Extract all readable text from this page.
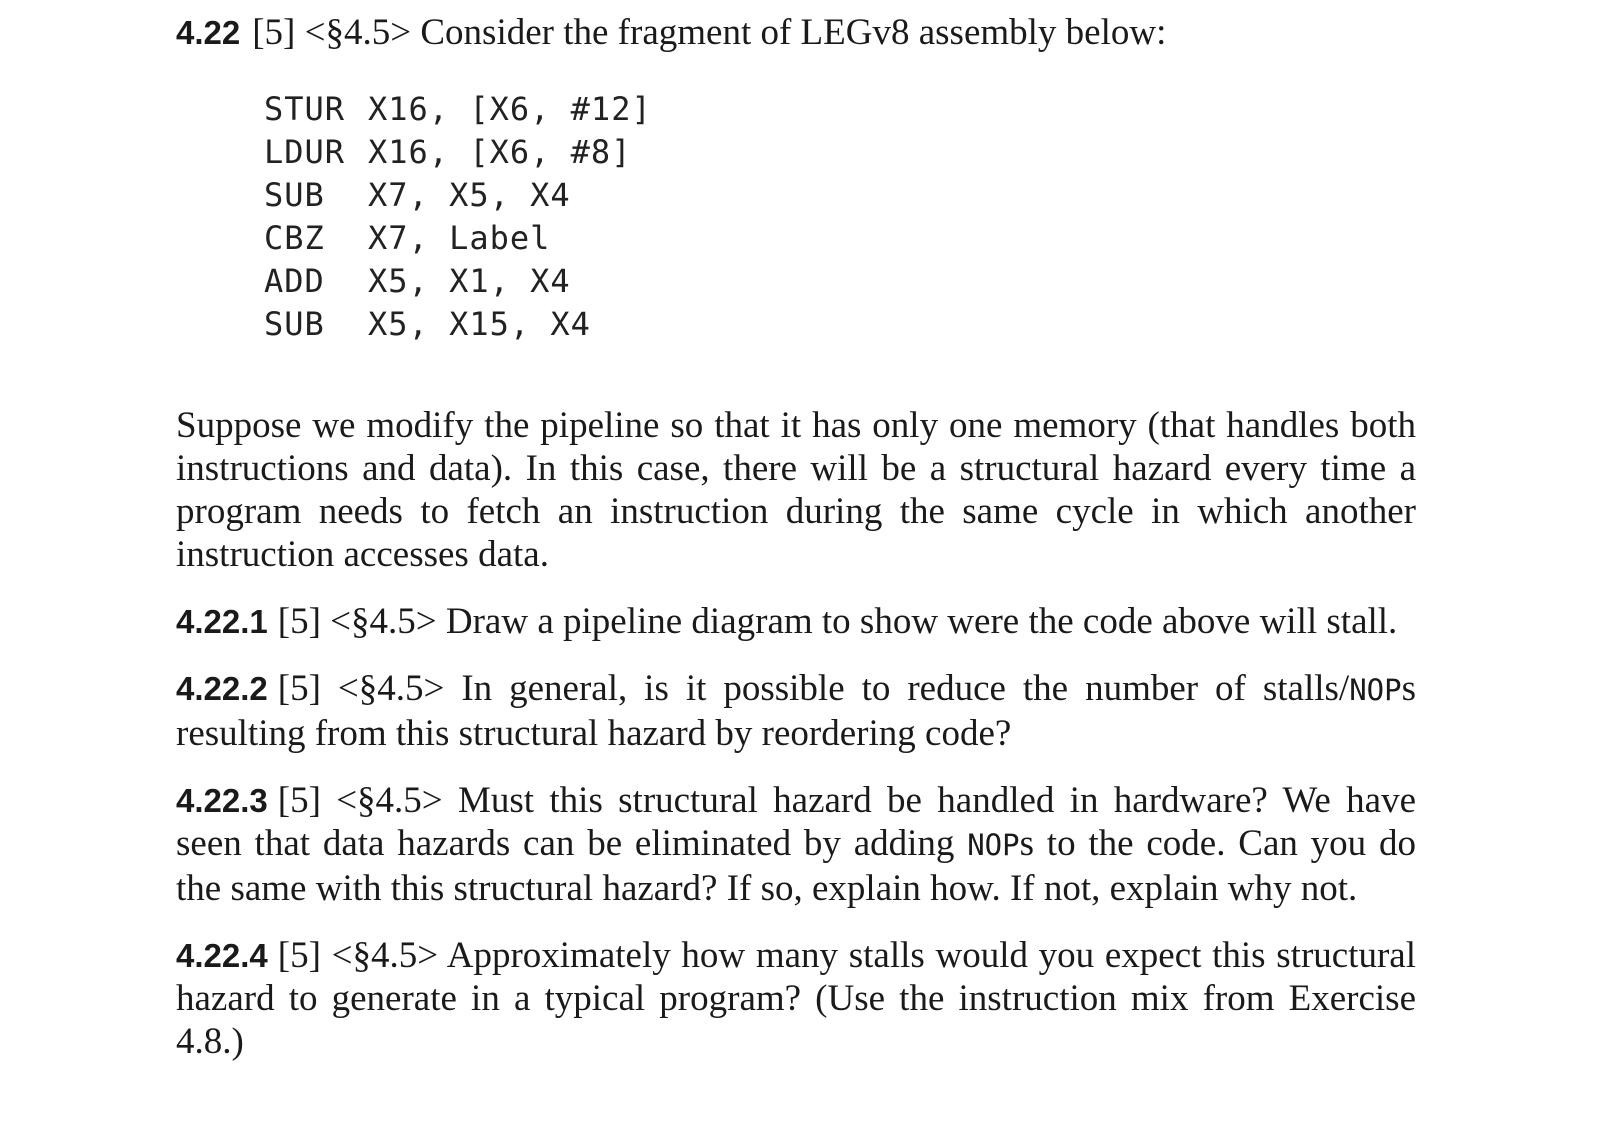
4.22 [5] <§4.5> Consider the fragment of LEGv8 assembly below:

STUR X16, [X6, #12]
LDUR X16, [X6, #8]
SUB X7, X5, X4
CBZ X7, Label
ADD X5, X1, X4
SUB X5, X15, X4

Suppose we modify the pipeline so that it has only one memory (that handles both instructions and data). In this case, there will be a structural hazard every time a program needs to fetch an instruction during the same cycle in which another instruction accesses data.

4.22.1 [5] <§4.5> Draw a pipeline diagram to show were the code above will stall.

4.22.2 [5] <§4.5> In general, is it possible to reduce the number of stalls/NOPs resulting from this structural hazard by reordering code?

4.22.3 [5] <§4.5> Must this structural hazard be handled in hardware? We have seen that data hazards can be eliminated by adding NOPs to the code. Can you do the same with this structural hazard? If so, explain how. If not, explain why not.

4.22.4 [5] <§4.5> Approximately how many stalls would you expect this structural hazard to generate in a typical program? (Use the instruction mix from Exercise 4.8.)
